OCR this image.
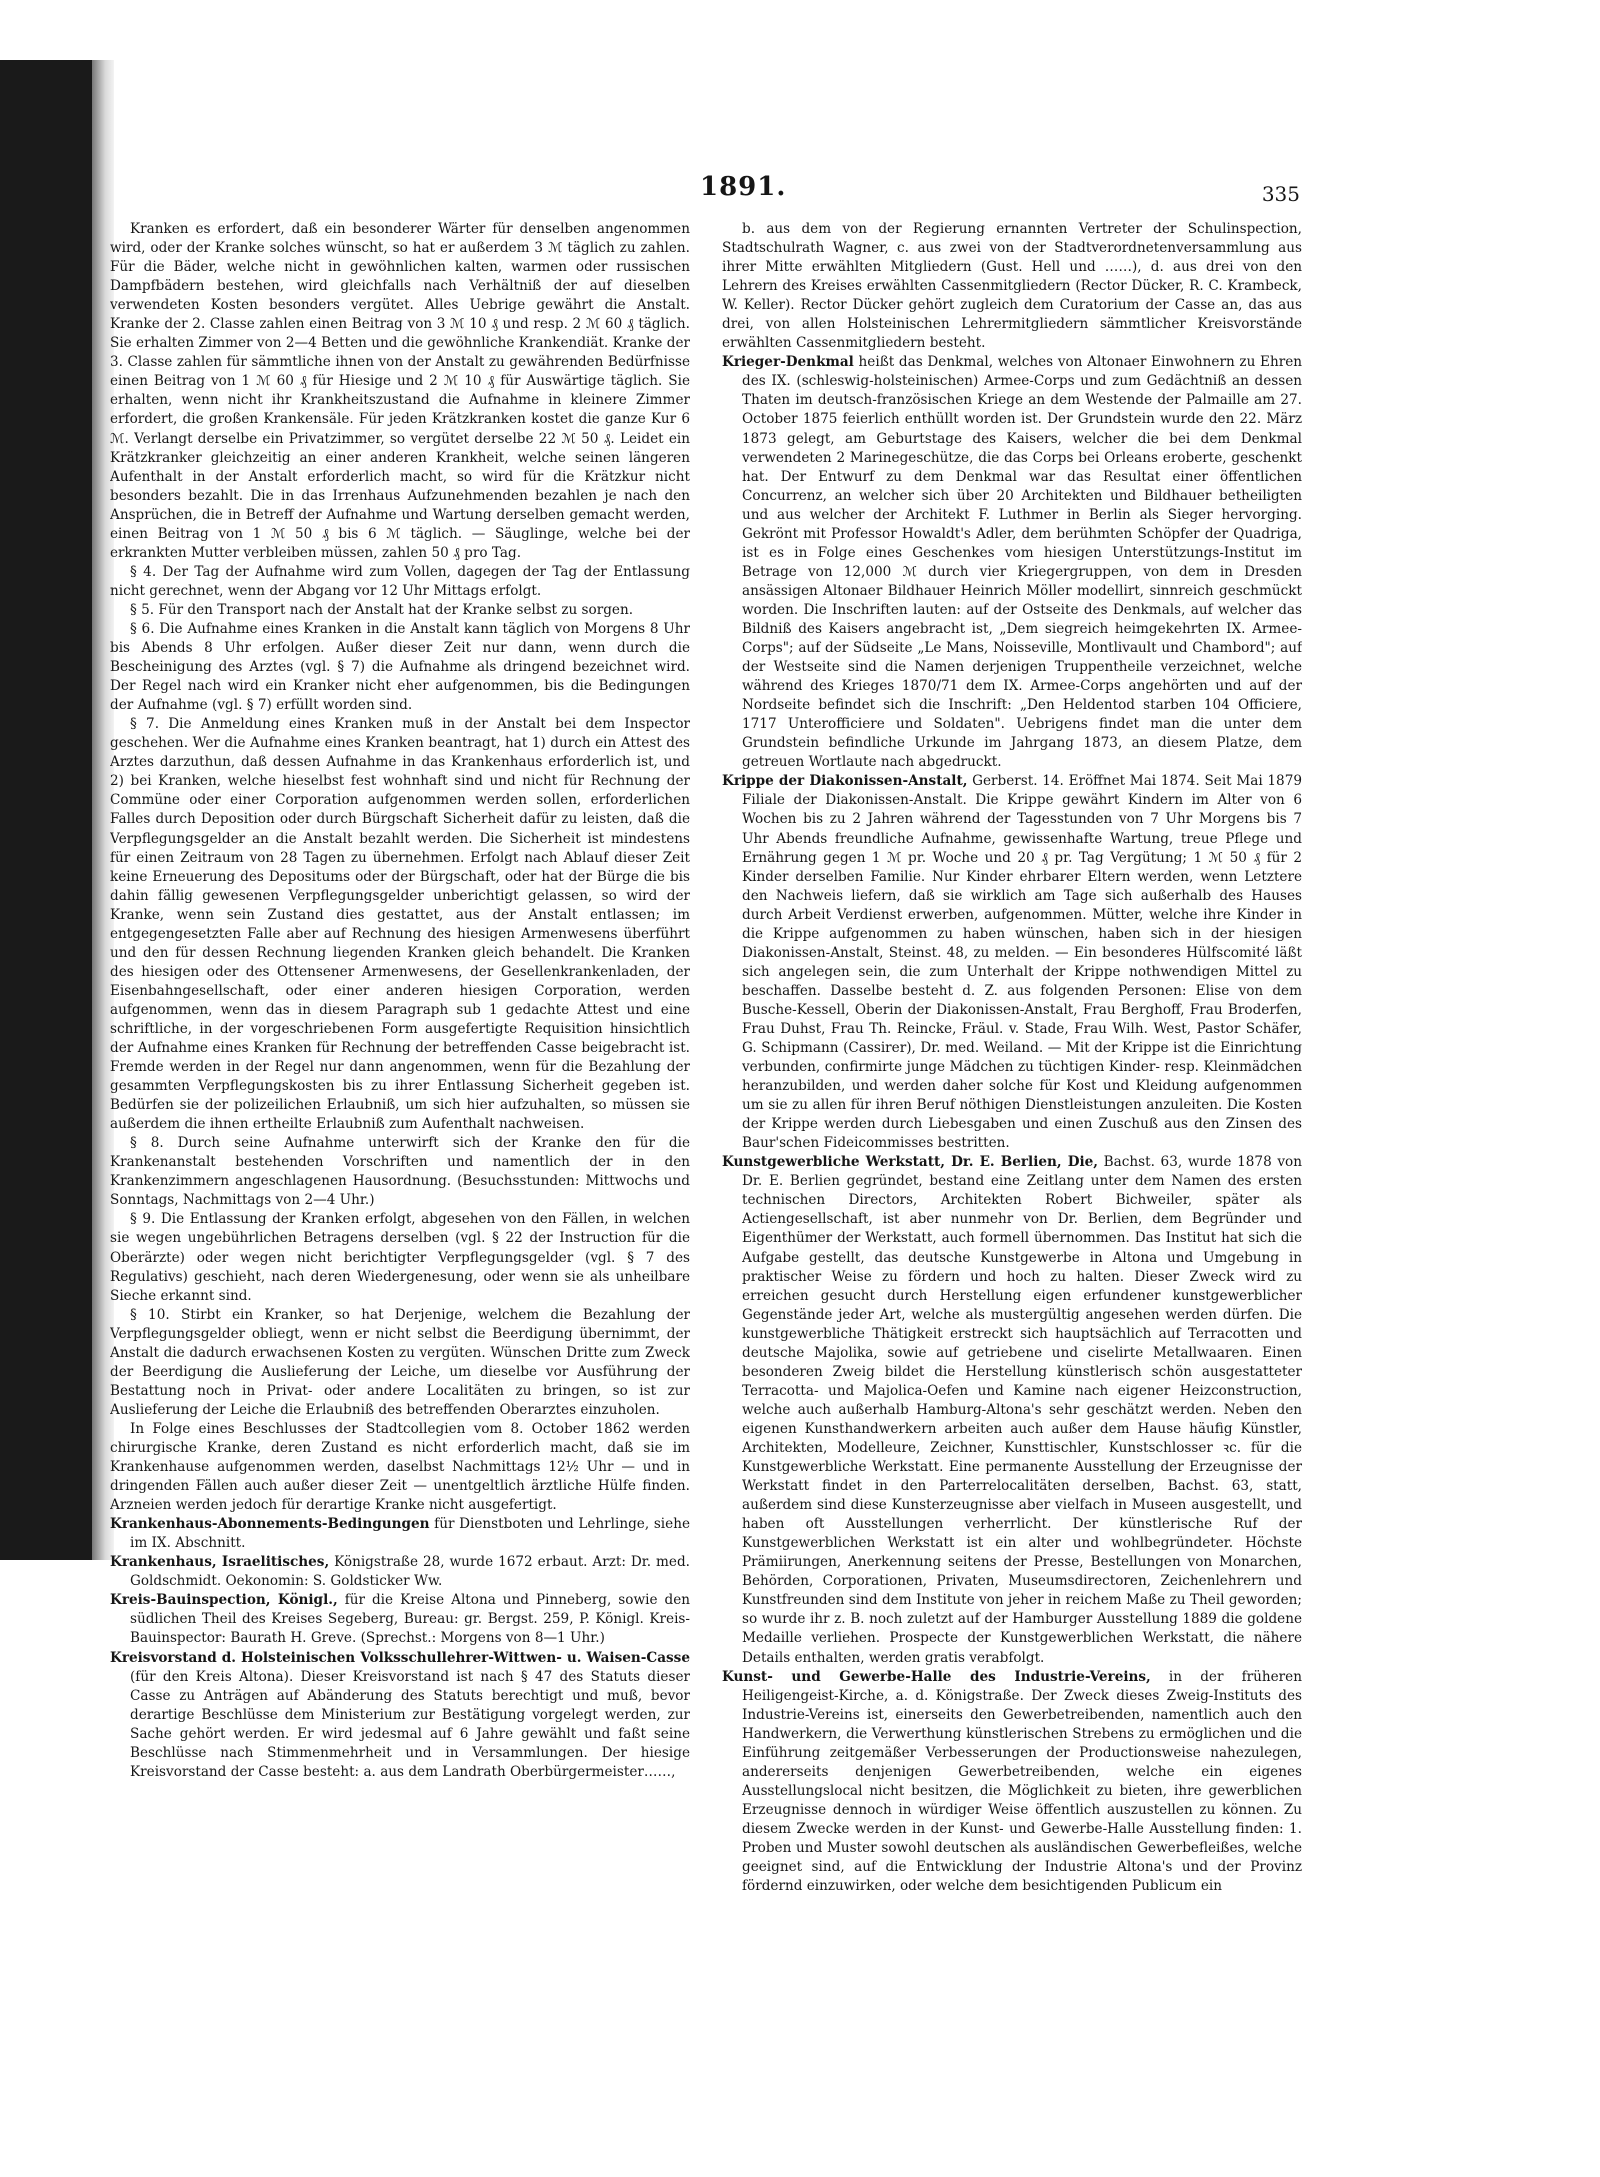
1891.	335

Kranken es erfordert, daß ein besonderer Wärter für denselben angenommen wird, oder der Kranke solches wünscht, so hat er außerdem 3 ℳ täglich zu zahlen. Für die Bäder, welche nicht in gewöhnlichen kalten, warmen oder russischen Dampfbädern bestehen, wird gleichfalls nach Verhältniß der auf dieselben verwendeten Kosten besonders vergütet. Alles Uebrige gewährt die Anstalt. Kranke der 2. Classe zahlen einen Beitrag von 3 ℳ 10 ₰ und resp. 2 ℳ 60 ₰ täglich. Sie erhalten Zimmer von 2—4 Betten und die gewöhnliche Krankendiät. Kranke der 3. Classe zahlen für sämmtliche ihnen von der Anstalt zu gewährenden Bedürfnisse einen Beitrag von 1 ℳ 60 ₰ für Hiesige und 2 ℳ 10 ₰ für Auswärtige täglich. Sie erhalten, wenn nicht ihr Krankheitszustand die Aufnahme in kleinere Zimmer erfordert, die großen Krankensäle. Für jeden Krätzkranken kostet die ganze Kur 6 ℳ. Verlangt derselbe ein Privatzimmer, so vergütet derselbe 22 ℳ 50 ₰. Leidet ein Krätzkranker gleichzeitig an einer anderen Krankheit, welche seinen längeren Aufenthalt in der Anstalt erforderlich macht, so wird für die Krätzkur nicht besonders bezahlt. Die in das Irrenhaus Aufzunehmenden bezahlen je nach den Ansprüchen, die in Betreff der Aufnahme und Wartung derselben gemacht werden, einen Beitrag von 1 ℳ 50 ₰ bis 6 ℳ täglich. — Säuglinge, welche bei der erkrankten Mutter verbleiben müssen, zahlen 50 ₰ pro Tag.

§ 4. Der Tag der Aufnahme wird zum Vollen, dagegen der Tag der Entlassung nicht gerechnet, wenn der Abgang vor 12 Uhr Mittags erfolgt.

§ 5. Für den Transport nach der Anstalt hat der Kranke selbst zu sorgen.

§ 6. Die Aufnahme eines Kranken in die Anstalt kann täglich von Morgens 8 Uhr bis Abends 8 Uhr erfolgen. Außer dieser Zeit nur dann, wenn durch die Bescheinigung des Arztes (vgl. § 7) die Aufnahme als dringend bezeichnet wird. Der Regel nach wird ein Kranker nicht eher aufgenommen, bis die Bedingungen der Aufnahme (vgl. § 7) erfüllt worden sind.

§ 7. Die Anmeldung eines Kranken muß in der Anstalt bei dem Inspector geschehen. Wer die Aufnahme eines Kranken beantragt, hat 1) durch ein Attest des Arztes darzuthun, daß dessen Aufnahme in das Krankenhaus erforderlich ist, und 2) bei Kranken, welche hieselbst fest wohnhaft sind und nicht für Rechnung der Commüne oder einer Corporation aufgenommen werden sollen, erforderlichen Falles durch Deposition oder durch Bürgschaft Sicherheit dafür zu leisten, daß die Verpflegungsgelder an die Anstalt bezahlt werden. Die Sicherheit ist mindestens für einen Zeitraum von 28 Tagen zu übernehmen. Erfolgt nach Ablauf dieser Zeit keine Erneuerung des Depositums oder der Bürgschaft, oder hat der Bürge die bis dahin fällig gewesenen Verpflegungsgelder unberichtigt gelassen, so wird der Kranke, wenn sein Zustand dies gestattet, aus der Anstalt entlassen; im entgegengesetzten Falle aber auf Rechnung des hiesigen Armenwesens überführt und den für dessen Rechnung liegenden Kranken gleich behandelt. Die Kranken des hiesigen oder des Ottensener Armenwesens, der Gesellenkrankenladen, der Eisenbahngesellschaft, oder einer anderen hiesigen Corporation, werden aufgenommen, wenn das in diesem Paragraph sub 1 gedachte Attest und eine schriftliche, in der vorgeschriebenen Form ausgefertigte Requisition hinsichtlich der Aufnahme eines Kranken für Rechnung der betreffenden Casse beigebracht ist. Fremde werden in der Regel nur dann angenommen, wenn für die Bezahlung der gesammten Verpflegungskosten bis zu ihrer Entlassung Sicherheit gegeben ist. Bedürfen sie der polizeilichen Erlaubniß, um sich hier aufzuhalten, so müssen sie außerdem die ihnen ertheilte Erlaubniß zum Aufenthalt nachweisen.

§ 8. Durch seine Aufnahme unterwirft sich der Kranke den für die Krankenanstalt bestehenden Vorschriften und namentlich der in den Krankenzimmern angeschlagenen Hausordnung. (Besuchsstunden: Mittwochs und Sonntags, Nachmittags von 2—4 Uhr.)

§ 9. Die Entlassung der Kranken erfolgt, abgesehen von den Fällen, in welchen sie wegen ungebührlichen Betragens derselben (vgl. § 22 der Instruction für die Oberärzte) oder wegen nicht berichtigter Verpflegungsgelder (vgl. § 7 des Regulativs) geschieht, nach deren Wiedergenesung, oder wenn sie als unheilbare Sieche erkannt sind.

§ 10. Stirbt ein Kranker, so hat Derjenige, welchem die Bezahlung der Verpflegungsgelder obliegt, wenn er nicht selbst die Beerdigung übernimmt, der Anstalt die dadurch erwachsenen Kosten zu vergüten. Wünschen Dritte zum Zweck der Beerdigung die Auslieferung der Leiche, um dieselbe vor Ausführung der Bestattung noch in Privat- oder andere Localitäten zu bringen, so ist zur Auslieferung der Leiche die Erlaubniß des betreffenden Oberarztes einzuholen.

In Folge eines Beschlusses der Stadtcollegien vom 8. October 1862 werden chirurgische Kranke, deren Zustand es nicht erforderlich macht, daß sie im Krankenhause aufgenommen werden, daselbst Nachmittags 12½ Uhr — und in dringenden Fällen auch außer dieser Zeit — unentgeltlich ärztliche Hülfe finden. Arzneien werden jedoch für derartige Kranke nicht ausgefertigt.

Krankenhaus-Abonnements-Bedingungen für Dienstboten und Lehrlinge, siehe im IX. Abschnitt.

Krankenhaus, Israelitisches, Königstraße 28, wurde 1672 erbaut. Arzt: Dr. med. Goldschmidt. Oekonomin: S. Goldsticker Ww.

Kreis-Bauinspection, Königl., für die Kreise Altona und Pinneberg, sowie den südlichen Theil des Kreises Segeberg, Bureau: gr. Bergst. 259, P. Königl. Kreis-Bauinspector: Baurath H. Greve. (Sprechst.: Morgens von 8—1 Uhr.)

Kreisvorstand d. Holsteinischen Volksschullehrer-Wittwen- u. Waisen-Casse (für den Kreis Altona). Dieser Kreisvorstand ist nach § 47 des Statuts dieser Casse zu Anträgen auf Abänderung des Statuts berechtigt und muß, bevor derartige Beschlüsse dem Ministerium zur Bestätigung vorgelegt werden, zur Sache gehört werden. Er wird jedesmal auf 6 Jahre gewählt und faßt seine Beschlüsse nach Stimmenmehrheit und in Versammlungen. Der hiesige Kreisvorstand der Casse besteht: a. aus dem Landrath Oberbürgermeister……,

b. aus dem von der Regierung ernannten Vertreter der Schulinspection, Stadtschulrath Wagner, c. aus zwei von der Stadtverordnetenversammlung aus ihrer Mitte erwählten Mitgliedern (Gust. Hell und ……), d. aus drei von den Lehrern des Kreises erwählten Cassenmitgliedern (Rector Dücker, R. C. Krambeck, W. Keller). Rector Dücker gehört zugleich dem Curatorium der Casse an, das aus drei, von allen Holsteinischen Lehrermitgliedern sämmtlicher Kreisvorstände erwählten Cassenmitgliedern besteht.

Krieger-Denkmal heißt das Denkmal, welches von Altonaer Einwohnern zu Ehren des IX. (schleswig-holsteinischen) Armee-Corps und zum Gedächtniß an dessen Thaten im deutsch-französischen Kriege an dem Westende der Palmaille am 27. October 1875 feierlich enthüllt worden ist. Der Grundstein wurde den 22. März 1873 gelegt, am Geburtstage des Kaisers, welcher die bei dem Denkmal verwendeten 2 Marinegeschütze, die das Corps bei Orleans eroberte, geschenkt hat. Der Entwurf zu dem Denkmal war das Resultat einer öffentlichen Concurrenz, an welcher sich über 20 Architekten und Bildhauer betheiligten und aus welcher der Architekt F. Luthmer in Berlin als Sieger hervorging. Gekrönt mit Professor Howaldt's Adler, dem berühmten Schöpfer der Quadriga, ist es in Folge eines Geschenkes vom hiesigen Unterstützungs-Institut im Betrage von 12,000 ℳ durch vier Kriegergruppen, von dem in Dresden ansässigen Altonaer Bildhauer Heinrich Möller modellirt, sinnreich geschmückt worden. Die Inschriften lauten: auf der Ostseite des Denkmals, auf welcher das Bildniß des Kaisers angebracht ist, „Dem siegreich heimgekehrten IX. Armee-Corps"; auf der Südseite „Le Mans, Noisseville, Montlivault und Chambord"; auf der Westseite sind die Namen derjenigen Truppentheile verzeichnet, welche während des Krieges 1870/71 dem IX. Armee-Corps angehörten und auf der Nordseite befindet sich die Inschrift: „Den Heldentod starben 104 Officiere, 1717 Unterofficiere und Soldaten". Uebrigens findet man die unter dem Grundstein befindliche Urkunde im Jahrgang 1873, an diesem Platze, dem getreuen Wortlaute nach abgedruckt.

Krippe der Diakonissen-Anstalt, Gerberst. 14. Eröffnet Mai 1874. Seit Mai 1879 Filiale der Diakonissen-Anstalt. Die Krippe gewährt Kindern im Alter von 6 Wochen bis zu 2 Jahren während der Tagesstunden von 7 Uhr Morgens bis 7 Uhr Abends freundliche Aufnahme, gewissenhafte Wartung, treue Pflege und Ernährung gegen 1 ℳ pr. Woche und 20 ₰ pr. Tag Vergütung; 1 ℳ 50 ₰ für 2 Kinder derselben Familie. Nur Kinder ehrbarer Eltern werden, wenn Letztere den Nachweis liefern, daß sie wirklich am Tage sich außerhalb des Hauses durch Arbeit Verdienst erwerben, aufgenommen. Mütter, welche ihre Kinder in die Krippe aufgenommen zu haben wünschen, haben sich in der hiesigen Diakonissen-Anstalt, Steinst. 48, zu melden. — Ein besonderes Hülfscomité läßt sich angelegen sein, die zum Unterhalt der Krippe nothwendigen Mittel zu beschaffen. Dasselbe besteht d. Z. aus folgenden Personen: Elise von dem Busche-Kessell, Oberin der Diakonissen-Anstalt, Frau Berghoff, Frau Broderfen, Frau Duhst, Frau Th. Reincke, Fräul. v. Stade, Frau Wilh. West, Pastor Schäfer, G. Schipmann (Cassirer), Dr. med. Weiland. — Mit der Krippe ist die Einrichtung verbunden, confirmirte junge Mädchen zu tüchtigen Kinder- resp. Kleinmädchen heranzubilden, und werden daher solche für Kost und Kleidung aufgenommen um sie zu allen für ihren Beruf nöthigen Dienstleistungen anzuleiten. Die Kosten der Krippe werden durch Liebesgaben und einen Zuschuß aus den Zinsen des Baur'schen Fideicommisses bestritten.

Kunstgewerbliche Werkstatt, Dr. E. Berlien, Die, Bachst. 63, wurde 1878 von Dr. E. Berlien gegründet, bestand eine Zeitlang unter dem Namen des ersten technischen Directors, Architekten Robert Bichweiler, später als Actiengesellschaft, ist aber nunmehr von Dr. Berlien, dem Begründer und Eigenthümer der Werkstatt, auch formell übernommen. Das Institut hat sich die Aufgabe gestellt, das deutsche Kunstgewerbe in Altona und Umgebung in praktischer Weise zu fördern und hoch zu halten. Dieser Zweck wird zu erreichen gesucht durch Herstellung eigen erfundener kunstgewerblicher Gegenstände jeder Art, welche als mustergültig angesehen werden dürfen. Die kunstgewerbliche Thätigkeit erstreckt sich hauptsächlich auf Terracotten und deutsche Majolika, sowie auf getriebene und ciselirte Metallwaaren. Einen besonderen Zweig bildet die Herstellung künstlerisch schön ausgestatteter Terracotta- und Majolica-Oefen und Kamine nach eigener Heizconstruction, welche auch außerhalb Hamburg-Altona's sehr geschätzt werden. Neben den eigenen Kunsthandwerkern arbeiten auch außer dem Hause häufig Künstler, Architekten, Modelleure, Zeichner, Kunsttischler, Kunstschlosser ꝛc. für die Kunstgewerbliche Werkstatt. Eine permanente Ausstellung der Erzeugnisse der Werkstatt findet in den Parterrelocalitäten derselben, Bachst. 63, statt, außerdem sind diese Kunsterzeugnisse aber vielfach in Museen ausgestellt, und haben oft Ausstellungen verherrlicht. Der künstlerische Ruf der Kunstgewerblichen Werkstatt ist ein alter und wohlbegründeter. Höchste Prämiirungen, Anerkennung seitens der Presse, Bestellungen von Monarchen, Behörden, Corporationen, Privaten, Museumsdirectoren, Zeichenlehrern und Kunstfreunden sind dem Institute von jeher in reichem Maße zu Theil geworden; so wurde ihr z. B. noch zuletzt auf der Hamburger Ausstellung 1889 die goldene Medaille verliehen. Prospecte der Kunstgewerblichen Werkstatt, die nähere Details enthalten, werden gratis verabfolgt.

Kunst- und Gewerbe-Halle des Industrie-Vereins, in der früheren Heiligengeist-Kirche, a. d. Königstraße. Der Zweck dieses Zweig-Instituts des Industrie-Vereins ist, einerseits den Gewerbetreibenden, namentlich auch den Handwerkern, die Verwerthung künstlerischen Strebens zu ermöglichen und die Einführung zeitgemäßer Verbesserungen der Productionsweise nahezulegen, andererseits denjenigen Gewerbetreibenden, welche ein eigenes Ausstellungslocal nicht besitzen, die Möglichkeit zu bieten, ihre gewerblichen Erzeugnisse dennoch in würdiger Weise öffentlich auszustellen zu können. Zu diesem Zwecke werden in der Kunst- und Gewerbe-Halle Ausstellung finden: 1. Proben und Muster sowohl deutschen als ausländischen Gewerbefleißes, welche geeignet sind, auf die Entwicklung der Industrie Altona's und der Provinz fördernd einzuwirken, oder welche dem besichtigenden Publicum ein
